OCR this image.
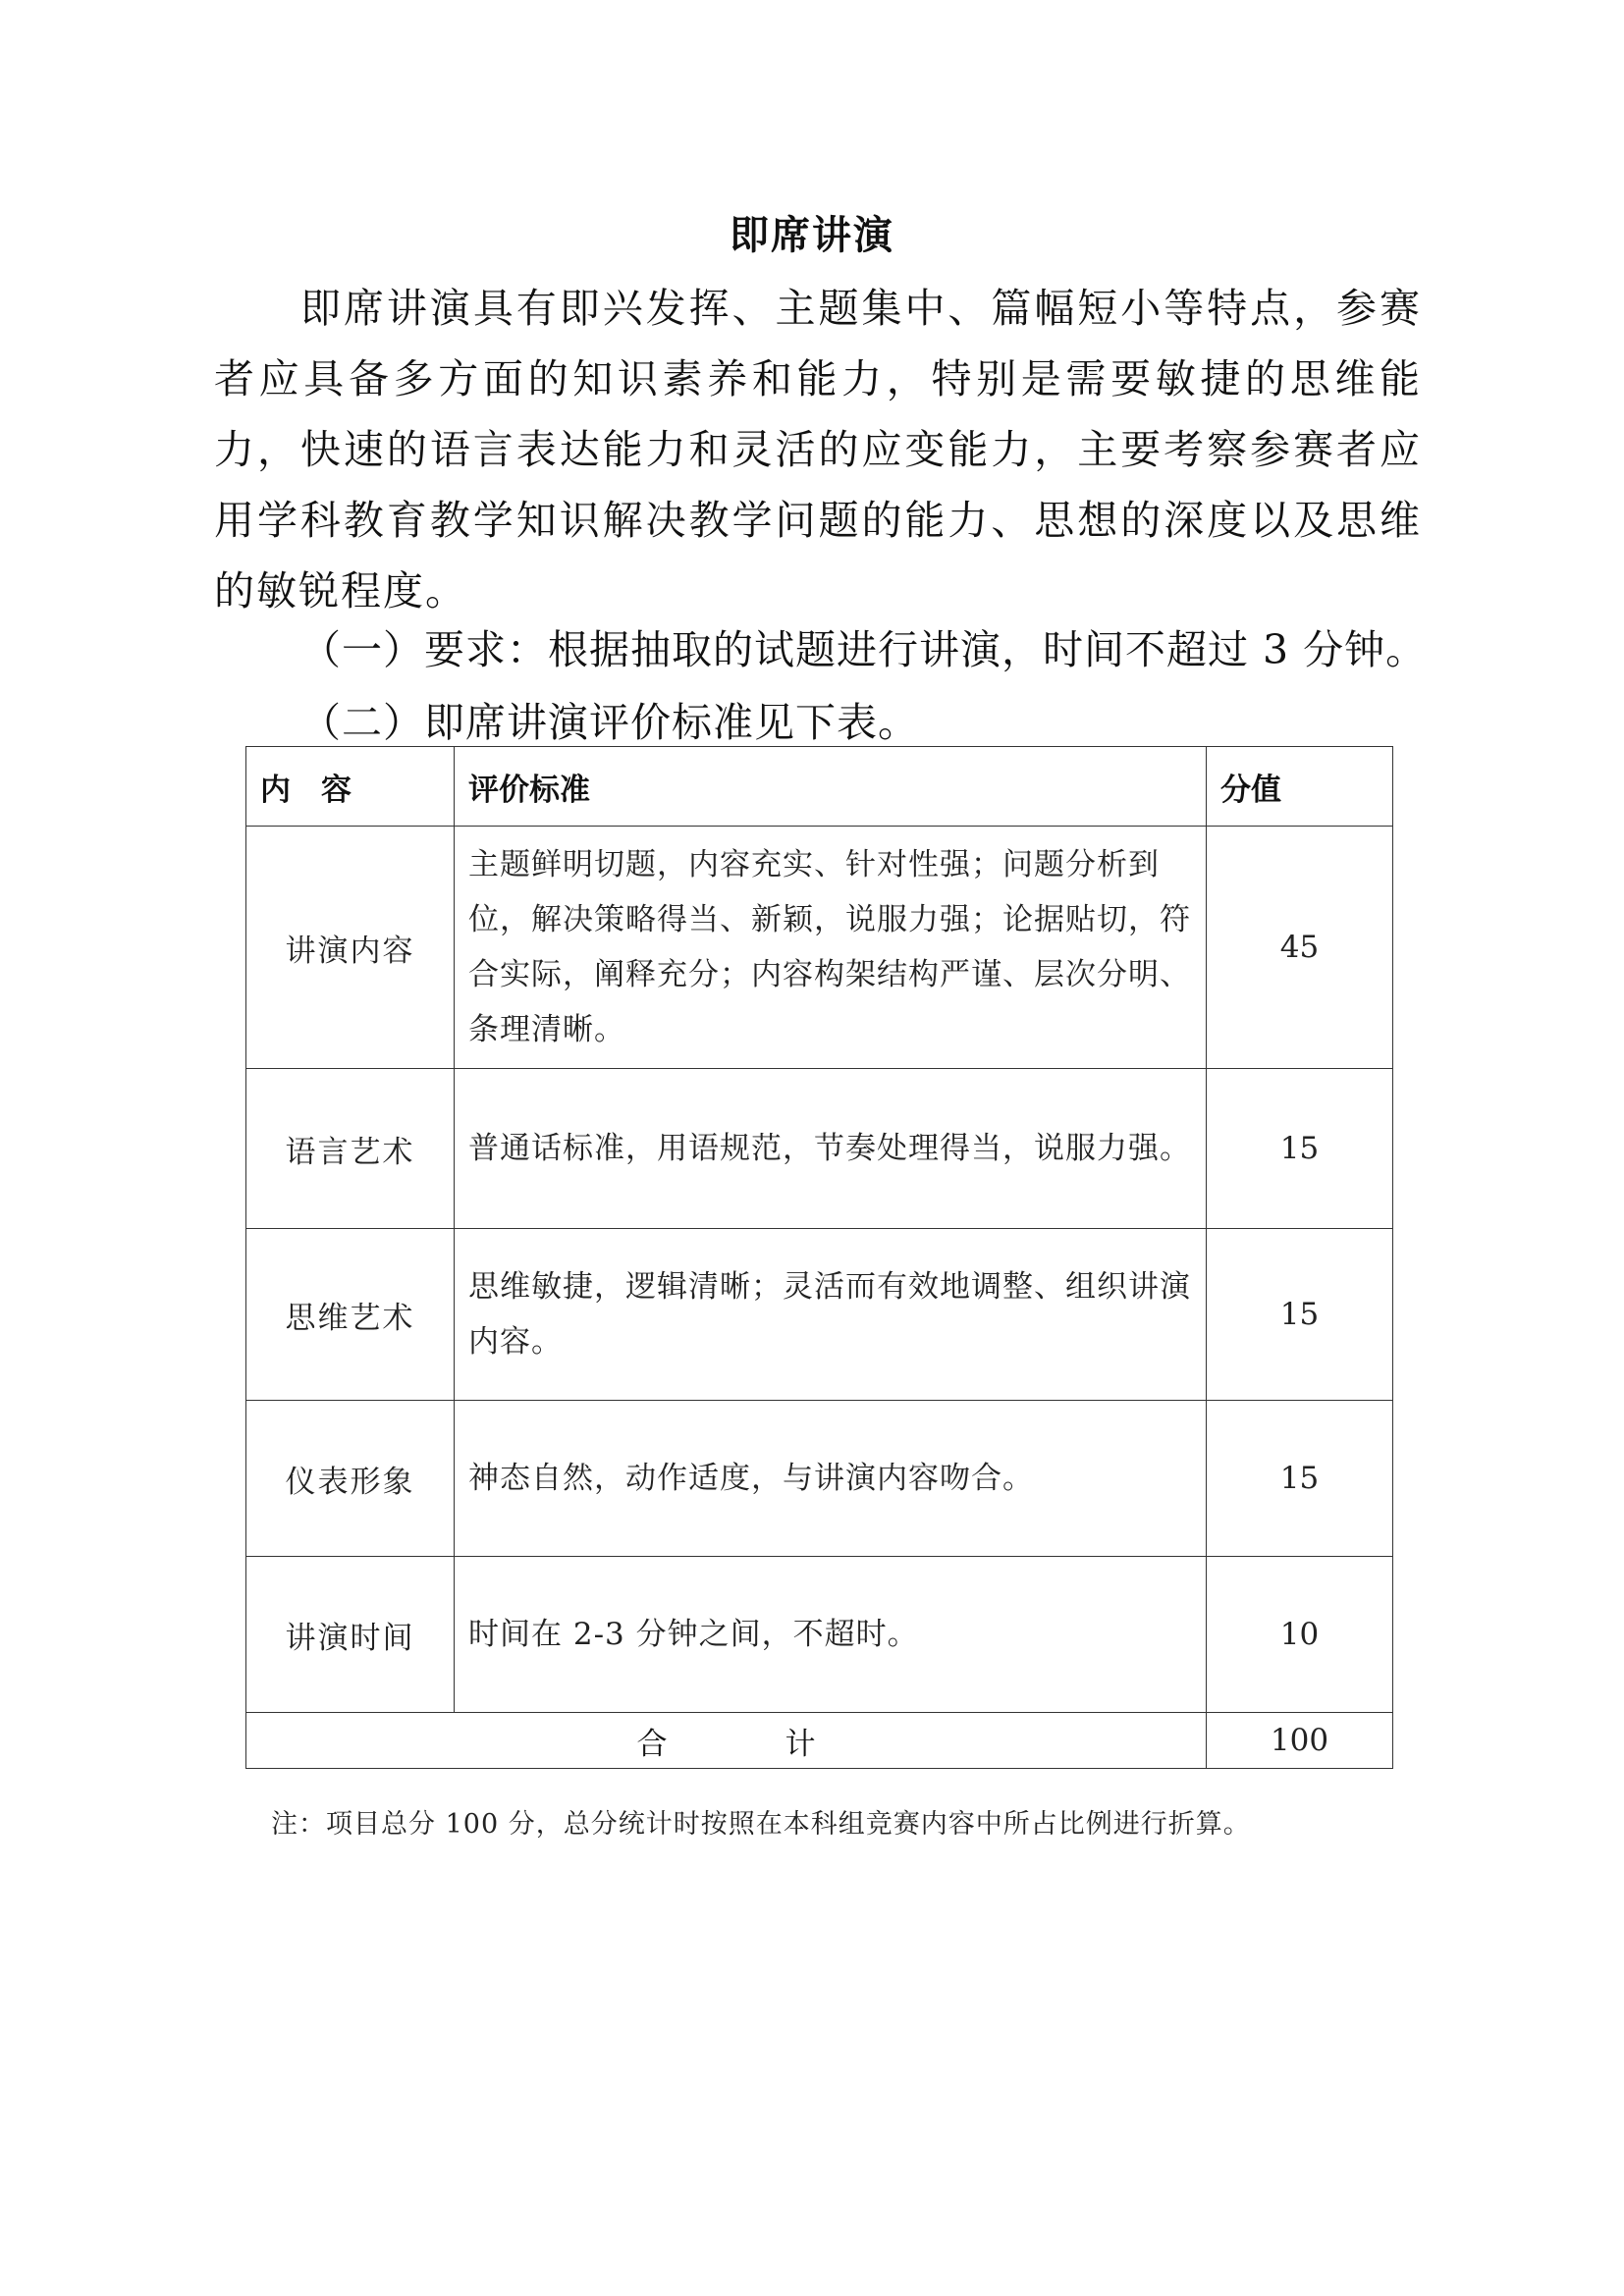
即席讲演

即席讲演具有即兴发挥、主题集中、篇幅短小等特点，参赛者应具备多方面的知识素养和能力，特别是需要敏捷的思维能力，快速的语言表达能力和灵活的应变能力，主要考察参赛者应用学科教育教学知识解决教学问题的能力、思想的深度以及思维的敏锐程度。

（一）要求：根据抽取的试题进行讲演，时间不超过 3 分钟。

（二）即席讲演评价标准见下表。

内　容	评价标准	分值
讲演内容	主题鲜明切题，内容充实、针对性强；问题分析到位，解决策略得当、新颖，说服力强；论据贴切，符合实际，阐释充分；内容构架结构严谨、层次分明、条理清晰。	45
语言艺术	普通话标准，用语规范，节奏处理得当，说服力强。	15
思维艺术	思维敏捷，逻辑清晰；灵活而有效地调整、组织讲演内容。	15
仪表形象	神态自然，动作适度，与讲演内容吻合。	15
讲演时间	时间在 2-3 分钟之间，不超时。	10
合 计		100

注：项目总分 100 分，总分统计时按照在本科组竞赛内容中所占比例进行折算。
